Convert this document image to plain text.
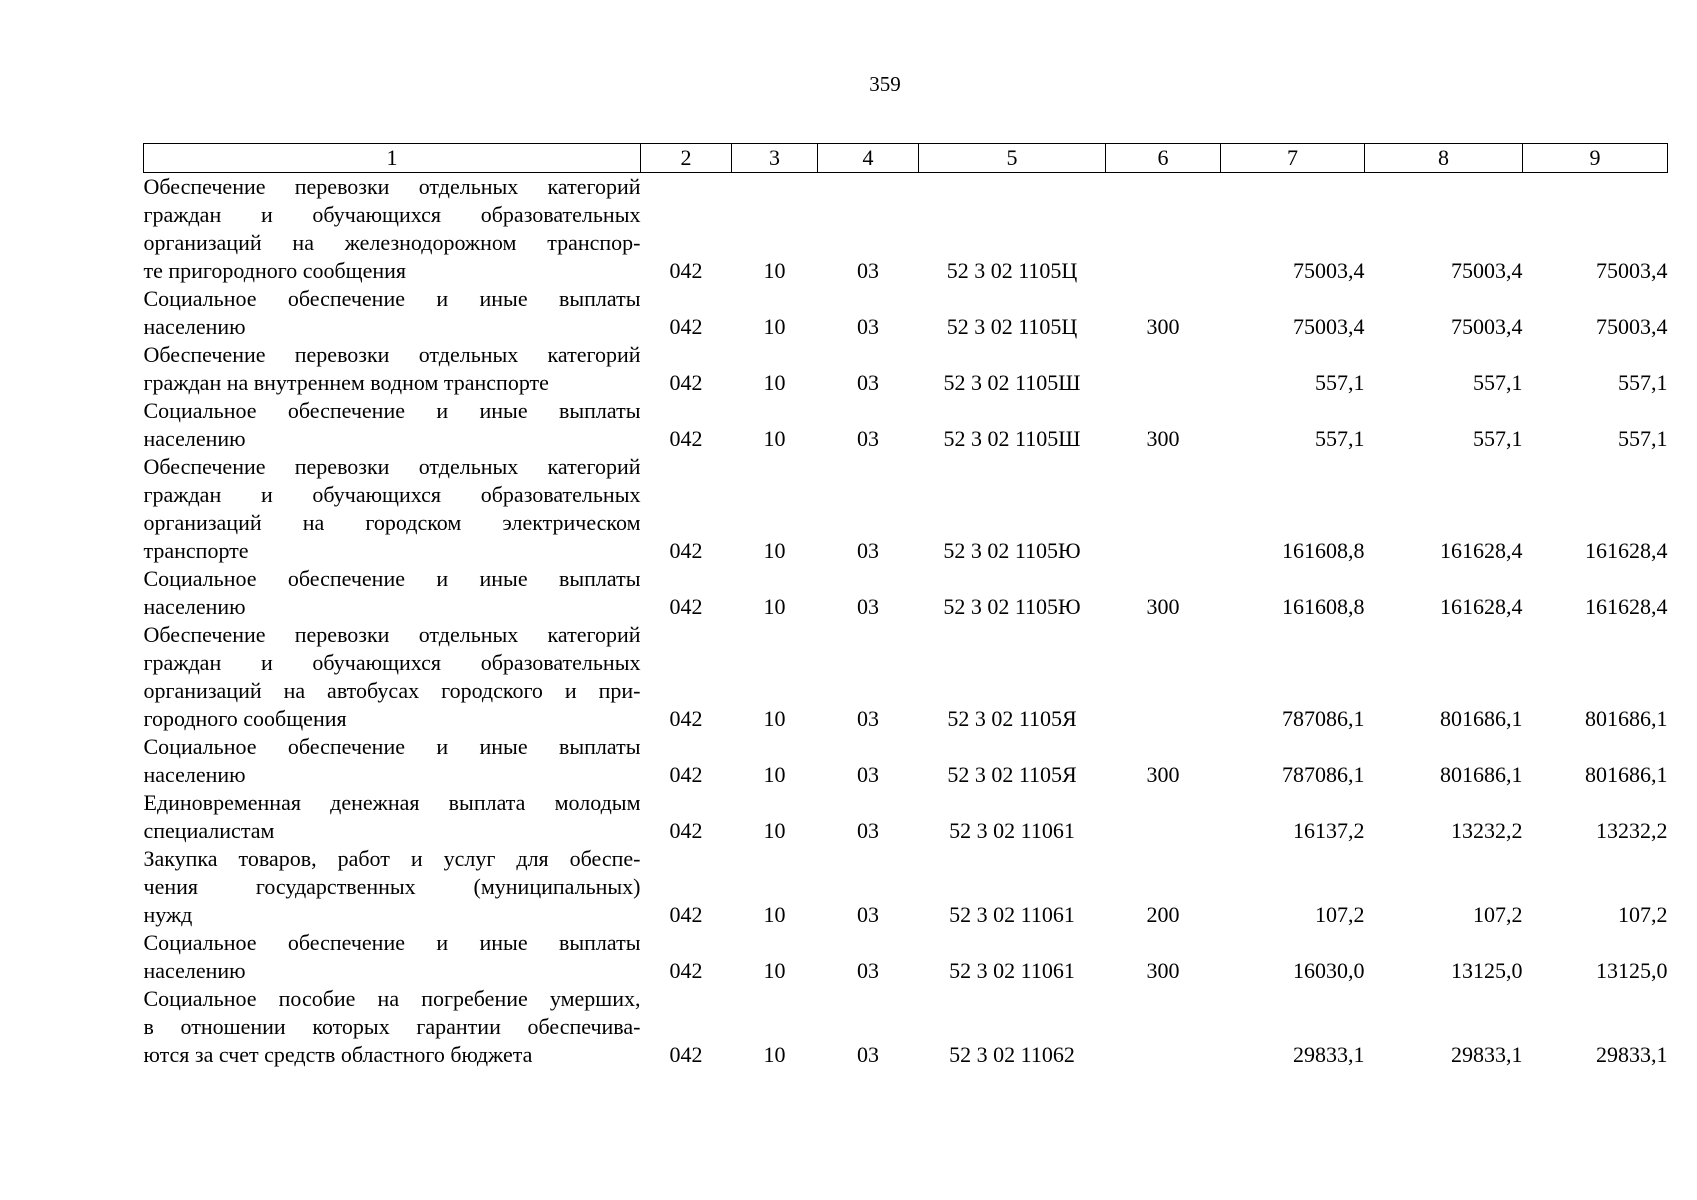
359
1	2	3	4	5	6	7	8	9

Обеспечение перевозки отдельных категорий
граждан и обучающихся образовательных
организаций на железнодорожном транспор-
те пригородного сообщения	042	10	03	52 3 02 1105Ц		75003,4	75003,4	75003,4

Социальное обеспечение и иные выплаты
населению	042	10	03	52 3 02 1105Ц	300	75003,4	75003,4	75003,4

Обеспечение перевозки отдельных категорий
граждан на внутреннем водном транспорте	042	10	03	52 3 02 1105Ш		557,1	557,1	557,1

Социальное обеспечение и иные выплаты
населению	042	10	03	52 3 02 1105Ш	300	557,1	557,1	557,1

Обеспечение перевозки отдельных категорий
граждан и обучающихся образовательных
организаций на городском электрическом
транспорте	042	10	03	52 3 02 1105Ю		161608,8	161628,4	161628,4

Социальное обеспечение и иные выплаты
населению	042	10	03	52 3 02 1105Ю	300	161608,8	161628,4	161628,4

Обеспечение перевозки отдельных категорий
граждан и обучающихся образовательных
организаций на автобусах городского и при-
городного сообщения	042	10	03	52 3 02 1105Я		787086,1	801686,1	801686,1

Социальное обеспечение и иные выплаты
населению	042	10	03	52 3 02 1105Я	300	787086,1	801686,1	801686,1

Единовременная денежная выплата молодым
специалистам	042	10	03	52 3 02 11061		16137,2	13232,2	13232,2

Закупка товаров, работ и услуг для обеспе-
чения государственных (муниципальных)
нужд	042	10	03	52 3 02 11061	200	107,2	107,2	107,2

Социальное обеспечение и иные выплаты
населению	042	10	03	52 3 02 11061	300	16030,0	13125,0	13125,0

Социальное пособие на погребение умерших,
в отношении которых гарантии обеспечива-
ются за счет средств областного бюджета	042	10	03	52 3 02 11062		29833,1	29833,1	29833,1
